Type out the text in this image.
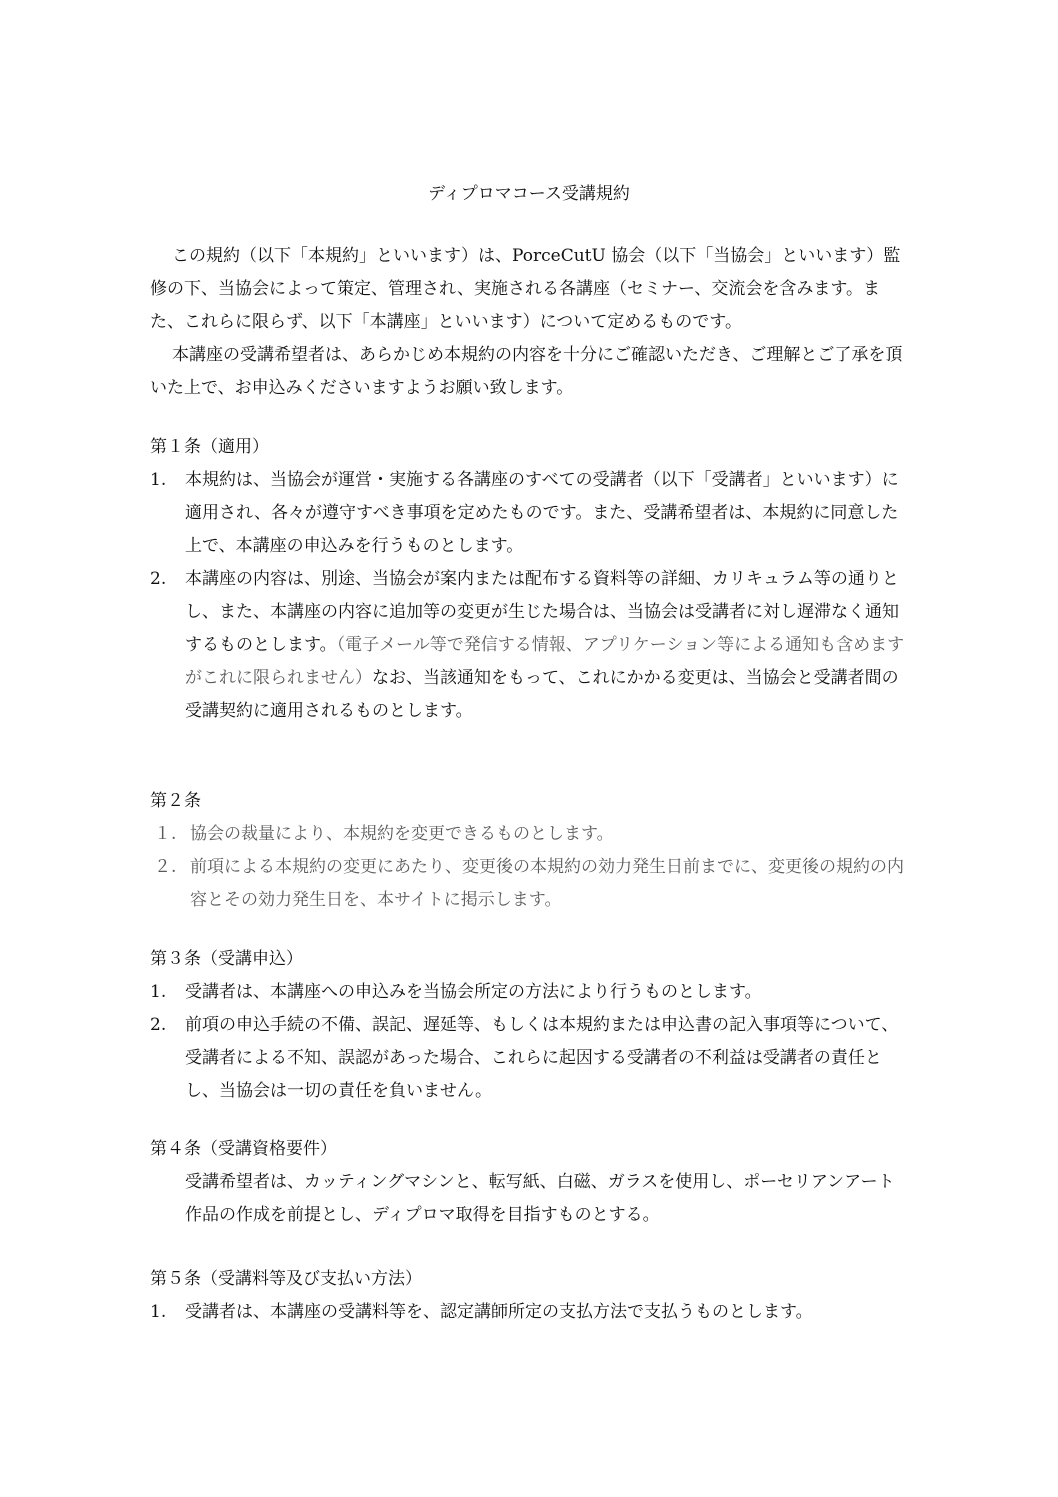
ディプロマコース受講規約

この規約（以下「本規約」といいます）は、PorceCutU 協会（以下「当協会」といいます）監修の下、当協会によって策定、管理され、実施される各講座（セミナー、交流会を含みます。また、これらに限らず、以下「本講座」といいます）について定めるものです。

本講座の受講希望者は、あらかじめ本規約の内容を十分にご確認いただき、ご理解とご了承を頂いた上で、お申込みくださいますようお願い致します。

第１条（適用）
1. 本規約は、当協会が運営・実施する各講座のすべての受講者（以下「受講者」といいます）に適用され、各々が遵守すべき事項を定めたものです。また、受講希望者は、本規約に同意した上で、本講座の申込みを行うものとします。
2. 本講座の内容は、別途、当協会が案内または配布する資料等の詳細、カリキュラム等の通りとし、また、本講座の内容に追加等の変更が生じた場合は、当協会は受講者に対し遅滞なく通知するものとします。（電子メール等で発信する情報、アプリケーション等による通知も含めますがこれに限られません）なお、当該通知をもって、これにかかる変更は、当協会と受講者間の受講契約に適用されるものとします。
第２条
１. 協会の裁量により、本規約を変更できるものとします。
２. 前項による本規約の変更にあたり、変更後の本規約の効力発生日前までに、変更後の規約の内容とその効力発生日を、本サイトに掲示します。
第３条（受講申込）
1. 受講者は、本講座への申込みを当協会所定の方法により行うものとします。
2. 前項の申込手続の不備、誤記、遅延等、もしくは本規約または申込書の記入事項等について、受講者による不知、誤認があった場合、これらに起因する受講者の不利益は受講者の責任とし、当協会は一切の責任を負いません。
第４条（受講資格要件）
受講希望者は、カッティングマシンと、転写紙、白磁、ガラスを使用し、ポーセリアンアート作品の作成を前提とし、ディプロマ取得を目指すものとする。
第５条（受講料等及び支払い方法）
1. 受講者は、本講座の受講料等を、認定講師所定の支払方法で支払うものとします。
